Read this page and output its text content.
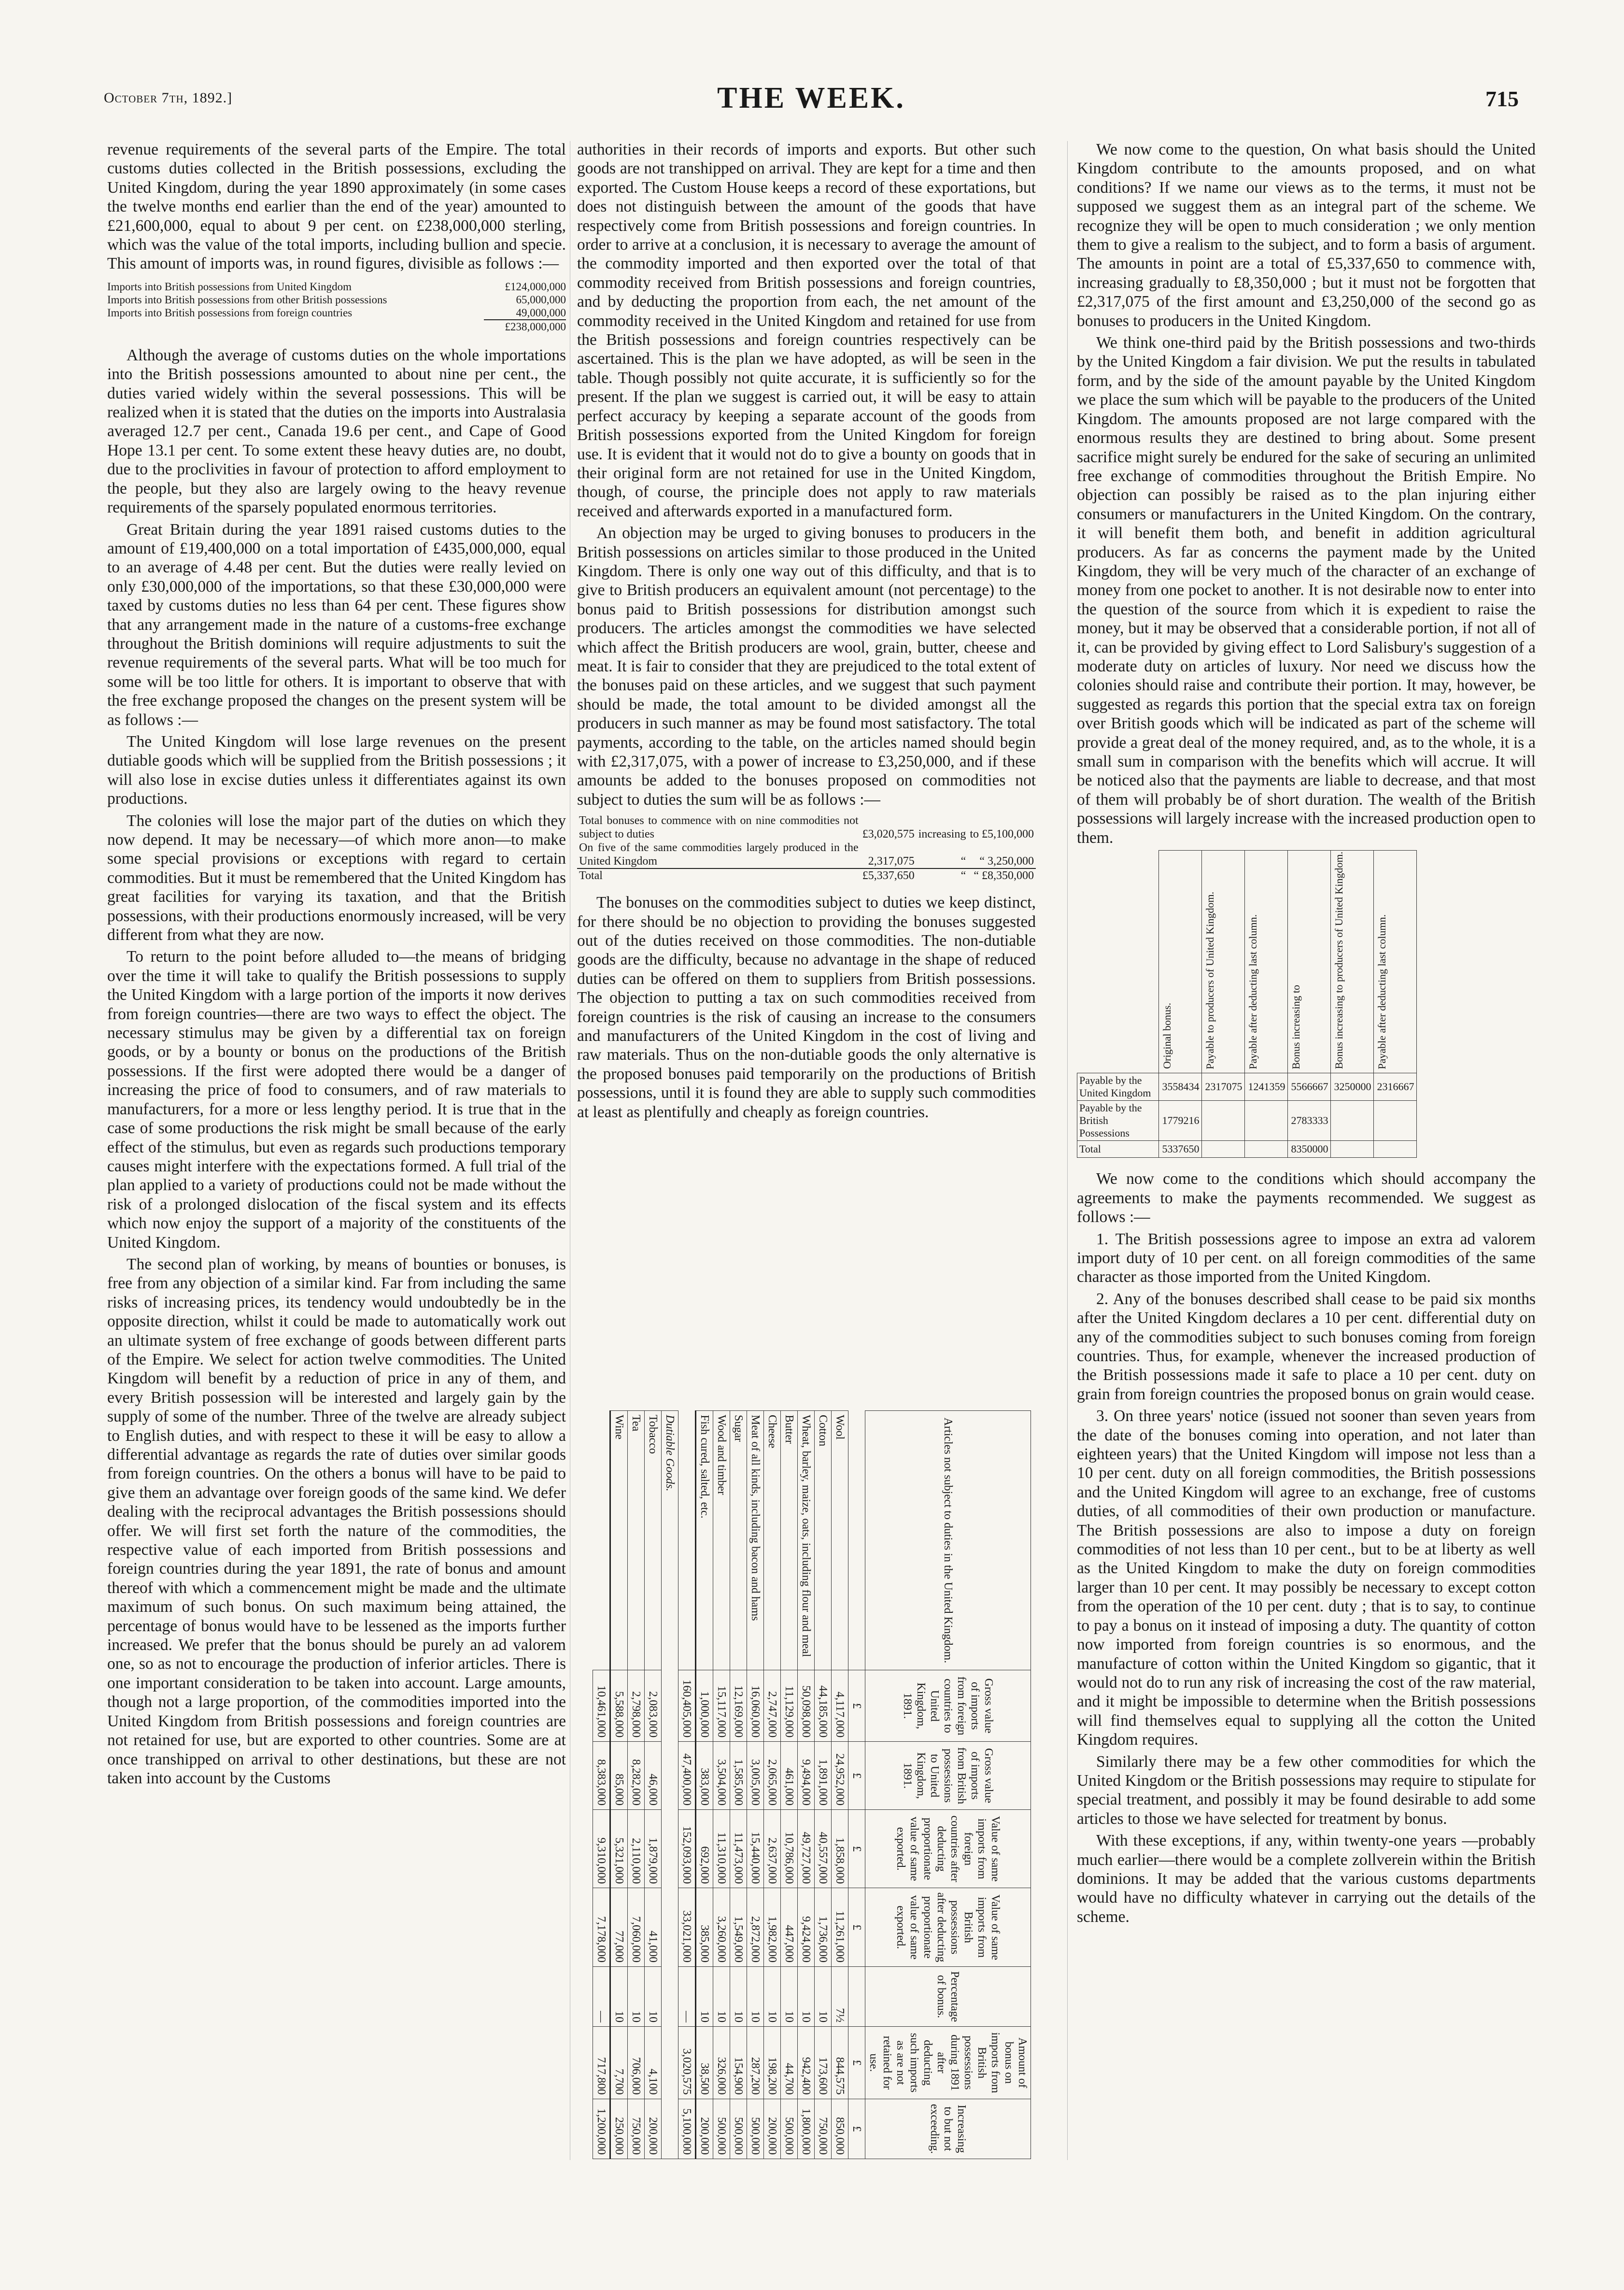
October 7th, 1892.]	THE WEEK.	715

revenue requirements of the several parts of the Empire. The total customs duties collected in the British possessions, excluding the United Kingdom, during the year 1890 approximately (in some cases the twelve months end earlier than the end of the year) amounted to £21,600,000, equal to about 9 per cent. on £238,000,000 sterling, which was the value of the total imports, including bullion and specie. This amount of imports was, in round figures, divisible as follows :—

Imports into British possessions from United Kingdom	£124,000,000
Imports into British possessions from other British possessions	65,000,000
Imports into British possessions from foreign countries	49,000,000
	£238,000,000

Although the average of customs duties on the whole importations into the British possessions amounted to about nine per cent., the duties varied widely within the several possessions. This will be realized when it is stated that the duties on the imports into Australasia averaged 12.7 per cent., Canada 19.6 per cent., and Cape of Good Hope 13.1 per cent. To some extent these heavy duties are, no doubt, due to the proclivities in favour of protection to afford employment to the people, but they also are largely owing to the heavy revenue requirements of the sparsely populated enormous territories.

Great Britain during the year 1891 raised customs duties to the amount of £19,400,000 on a total importation of £435,000,000, equal to an average of 4.48 per cent. But the duties were really levied on only £30,000,000 of the importations, so that these £30,000,000 were taxed by customs duties no less than 64 per cent. These figures show that any arrangement made in the nature of a customs-free exchange throughout the British dominions will require adjustments to suit the revenue requirements of the several parts. What will be too much for some will be too little for others. It is important to observe that with the free exchange proposed the changes on the present system will be as follows :—

The United Kingdom will lose large revenues on the present dutiable goods which will be supplied from the British possessions ; it will also lose in excise duties unless it differentiates against its own productions.

The colonies will lose the major part of the duties on which they now depend. It may be necessary—of which more anon—to make some special provisions or exceptions with regard to certain commodities. But it must be remembered that the United Kingdom has great facilities for varying its taxation, and that the British possessions, with their productions enormously increased, will be very different from what they are now.

To return to the point before alluded to—the means of bridging over the time it will take to qualify the British possessions to supply the United Kingdom with a large portion of the imports it now derives from foreign countries—there are two ways to effect the object. The necessary stimulus may be given by a differential tax on foreign goods, or by a bounty or bonus on the productions of the British possessions. If the first were adopted there would be a danger of increasing the price of food to consumers, and of raw materials to manufacturers, for a more or less lengthy period. It is true that in the case of some productions the risk might be small because of the early effect of the stimulus, but even as regards such productions temporary causes might interfere with the expectations formed. A full trial of the plan applied to a variety of productions could not be made without the risk of a prolonged dislocation of the fiscal system and its effects which now enjoy the support of a majority of the constituents of the United Kingdom.

The second plan of working, by means of bounties or bonuses, is free from any objection of a similar kind. Far from including the same risks of increasing prices, its tendency would undoubtedly be in the opposite direction, whilst it could be made to automatically work out an ultimate system of free exchange of goods between different parts of the Empire. We select for action twelve commodities. The United Kingdom will benefit by a reduction of price in any of them, and every British possession will be interested and largely gain by the supply of some of the number. Three of the twelve are already subject to English duties, and with respect to these it will be easy to allow a differential advantage as regards the rate of duties over similar goods from foreign countries. On the others a bonus will have to be paid to give them an advantage over foreign goods of the same kind. We defer dealing with the reciprocal advantages the British possessions should offer. We will first set forth the nature of the commodities, the respective value of each imported from British possessions and foreign countries during the year 1891, the rate of bonus and amount thereof with which a commencement might be made and the ultimate maximum of such bonus. On such maximum being attained, the percentage of bonus would have to be lessened as the imports further increased. We prefer that the bonus should be purely an ad valorem one, so as not to encourage the production of inferior articles. There is one important consideration to be taken into account. Large amounts, though not a large proportion, of the commodities imported into the United Kingdom from British possessions and foreign countries are not retained for use, but are exported to other countries. Some are at once transhipped on arrival to other destinations, but these are not taken into account by the Customs

authorities in their records of imports and exports. But other such goods are not transhipped on arrival. They are kept for a time and then exported. The Custom House keeps a record of these exportations, but does not distinguish between the amount of the goods that have respectively come from British possessions and foreign countries. In order to arrive at a conclusion, it is necessary to average the amount of the commodity imported and then exported over the total of that commodity received from British possessions and foreign countries, and by deducting the proportion from each, the net amount of the commodity received in the United Kingdom and retained for use from the British possessions and foreign countries respectively can be ascertained. This is the plan we have adopted, as will be seen in the table. Though possibly not quite accurate, it is sufficiently so for the present. If the plan we suggest is carried out, it will be easy to attain perfect accuracy by keeping a separate account of the goods from British possessions exported from the United Kingdom for foreign use. It is evident that it would not do to give a bounty on goods that in their original form are not retained for use in the United Kingdom, though, of course, the principle does not apply to raw materials received and afterwards exported in a manufactured form.

An objection may be urged to giving bonuses to producers in the British possessions on articles similar to those produced in the United Kingdom. There is only one way out of this difficulty, and that is to give to British producers an equivalent amount (not percentage) to the bonus paid to British possessions for distribution amongst such producers. The articles amongst the commodities we have selected which affect the British producers are wool, grain, butter, cheese and meat. It is fair to consider that they are prejudiced to the total extent of the bonuses paid on these articles, and we suggest that such payment should be made, the total amount to be divided amongst all the producers in such manner as may be found most satisfactory. The total payments, according to the table, on the articles named should begin with £2,317,075, with a power of increase to £3,250,000, and if these amounts be added to the bonuses proposed on commodities not subject to duties the sum will be as follows :—

Total bonuses to commence with on nine commodities not subject to duties	£3,020,575	increasing	to £5,100,000
On five of the same commodities largely produced in the United Kingdom	2,317,075	“	“ 3,250,000
Total	£5,337,650	“	“ £8,350,000

The bonuses on the commodities subject to duties we keep distinct, for there should be no objection to providing the bonuses suggested out of the duties received on those commodities. The non-dutiable goods are the difficulty, because no advantage in the shape of reduced duties can be offered on them to suppliers from British possessions. The objection to putting a tax on such commodities received from foreign countries is the risk of causing an increase to the consumers and manufacturers of the United Kingdom in the cost of living and raw materials. Thus on the non-dutiable goods the only alternative is the proposed bonuses paid temporarily on the productions of British possessions, until it is found they are able to supply such commodities at least as plentifully and cheaply as foreign countries.

Articles not subject to duties in the United Kingdom.	Gross value of imports from foreign countries to United Kingdom, 1891.	Gross value of imports from British possessions to United Kingdom, 1891.	Value of same imports from foreign countries after deducting proportionate value of same exported.	Value of same imports from British possessions after deducting proportionate value of same exported.	Percentage of bonus.	Amount of bonus on imports from British possessions during 1891 after deducting such imports as are not retained for use.	Increasing to but not exceeding.
	£	£	£	£		£	£
Wool	4,117,000	24,952,000	1,858,000	11,261,000	7½	844,575	850,000
Cotton	44,185,000	1,891,000	40,557,000	1,736,000	10	173,600	750,000
Wheat, barley, maize, oats, including flour and meal	50,098,000	9,494,000	49,727,000	9,424,000	10	942,400	1,800,000
Butter	11,129,000	461,000	10,786,000	447,000	10	44,700	500,000
Cheese	2,747,000	2,065,000	2,637,000	1,982,000	10	198,200	200,000
Meat of all kinds, including bacon and hams	16,060,000	3,005,000	15,440,000	2,872,000	10	287,200	500,000
Sugar	12,169,000	1,585,000	11,473,000	1,549,000	10	154,900	500,000
Wood and timber	15,117,000	3,504,000	11,310,000	3,260,000	10	326,000	500,000
Fish cured, salted, etc.	1,000,000	383,000	692,000	385,000	10	38,500	200,000
	160,405,000	47,400,000	152,093,000	33,021,000	—	3,020,575	5,100,000
Dutiable Goods.							
Tobacco	2,083,000	46,000	1,879,000	41,000	10	4,100	200,000
Tea	2,798,000	8,282,000	2,110,000	7,060,000	10	706,000	750,000
Wine	5,588,000	85,000	5,321,000	77,000	10	7,700	250,000
	10,461,000	8,383,000	9,310,000	7,178,000	—	717,800	1,200,000

We now come to the question, On what basis should the United Kingdom contribute to the amounts proposed, and on what conditions? If we name our views as to the terms, it must not be supposed we suggest them as an integral part of the scheme. We recognize they will be open to much consideration ; we only mention them to give a realism to the subject, and to form a basis of argument. The amounts in point are a total of £5,337,650 to commence with, increasing gradually to £8,350,000 ; but it must not be forgotten that £2,317,075 of the first amount and £3,250,000 of the second go as bonuses to producers in the United Kingdom.

We think one-third paid by the British possessions and two-thirds by the United Kingdom a fair division. We put the results in tabulated form, and by the side of the amount payable by the United Kingdom we place the sum which will be payable to the producers of the United Kingdom. The amounts proposed are not large compared with the enormous results they are destined to bring about. Some present sacrifice might surely be endured for the sake of securing an unlimited free exchange of commodities throughout the British Empire. No objection can possibly be raised as to the plan injuring either consumers or manufacturers in the United Kingdom. On the contrary, it will benefit them both, and benefit in addition agricultural producers. As far as concerns the payment made by the United Kingdom, they will be very much of the character of an exchange of money from one pocket to another. It is not desirable now to enter into the question of the source from which it is expedient to raise the money, but it may be observed that a considerable portion, if not all of it, can be provided by giving effect to Lord Salisbury's suggestion of a moderate duty on articles of luxury. Nor need we discuss how the colonies should raise and contribute their portion. It may, however, be suggested as regards this portion that the special extra tax on foreign over British goods which will be indicated as part of the scheme will provide a great deal of the money required, and, as to the whole, it is a small sum in comparison with the benefits which will accrue. It will be noticed also that the payments are liable to decrease, and that most of them will probably be of short duration. The wealth of the British possessions will largely increase with the increased production open to them.

	Original bonus.	Payable to producers of United Kingdom.	Payable after deducting last column.	Bonus increasing to	Bonus increasing to producers of United Kingdom.	Payable after deducting last column.
Payable by the United Kingdom	3558434	2317075	1241359	5566667	3250000	2316667
Payable by the British Possessions	1779216			2783333		
Total	5337650			8350000		

We now come to the conditions which should accompany the agreements to make the payments recommended. We suggest as follows :—

1. The British possessions agree to impose an extra ad valorem import duty of 10 per cent. on all foreign commodities of the same character as those imported from the United Kingdom.

2. Any of the bonuses described shall cease to be paid six months after the United Kingdom declares a 10 per cent. differential duty on any of the commodities subject to such bonuses coming from foreign countries. Thus, for example, whenever the increased production of the British possessions made it safe to place a 10 per cent. duty on grain from foreign countries the proposed bonus on grain would cease.

3. On three years' notice (issued not sooner than seven years from the date of the bonuses coming into operation, and not later than eighteen years) that the United Kingdom will impose not less than a 10 per cent. duty on all foreign commodities, the British possessions and the United Kingdom will agree to an exchange, free of customs duties, of all commodities of their own production or manufacture. The British possessions are also to impose a duty on foreign commodities of not less than 10 per cent., but to be at liberty as well as the United Kingdom to make the duty on foreign commodities larger than 10 per cent. It may possibly be necessary to except cotton from the operation of the 10 per cent. duty ; that is to say, to continue to pay a bonus on it instead of imposing a duty. The quantity of cotton now imported from foreign countries is so enormous, and the manufacture of cotton within the United Kingdom so gigantic, that it would not do to run any risk of increasing the cost of the raw material, and it might be impossible to determine when the British possessions will find themselves equal to supplying all the cotton the United Kingdom requires.

Similarly there may be a few other commodities for which the United Kingdom or the British possessions may require to stipulate for special treatment, and possibly it may be found desirable to add some articles to those we have selected for treatment by bonus.

With these exceptions, if any, within twenty-one years —probably much earlier—there would be a complete zollverein within the British dominions. It may be added that the various customs departments would have no difficulty whatever in carrying out the details of the scheme.
